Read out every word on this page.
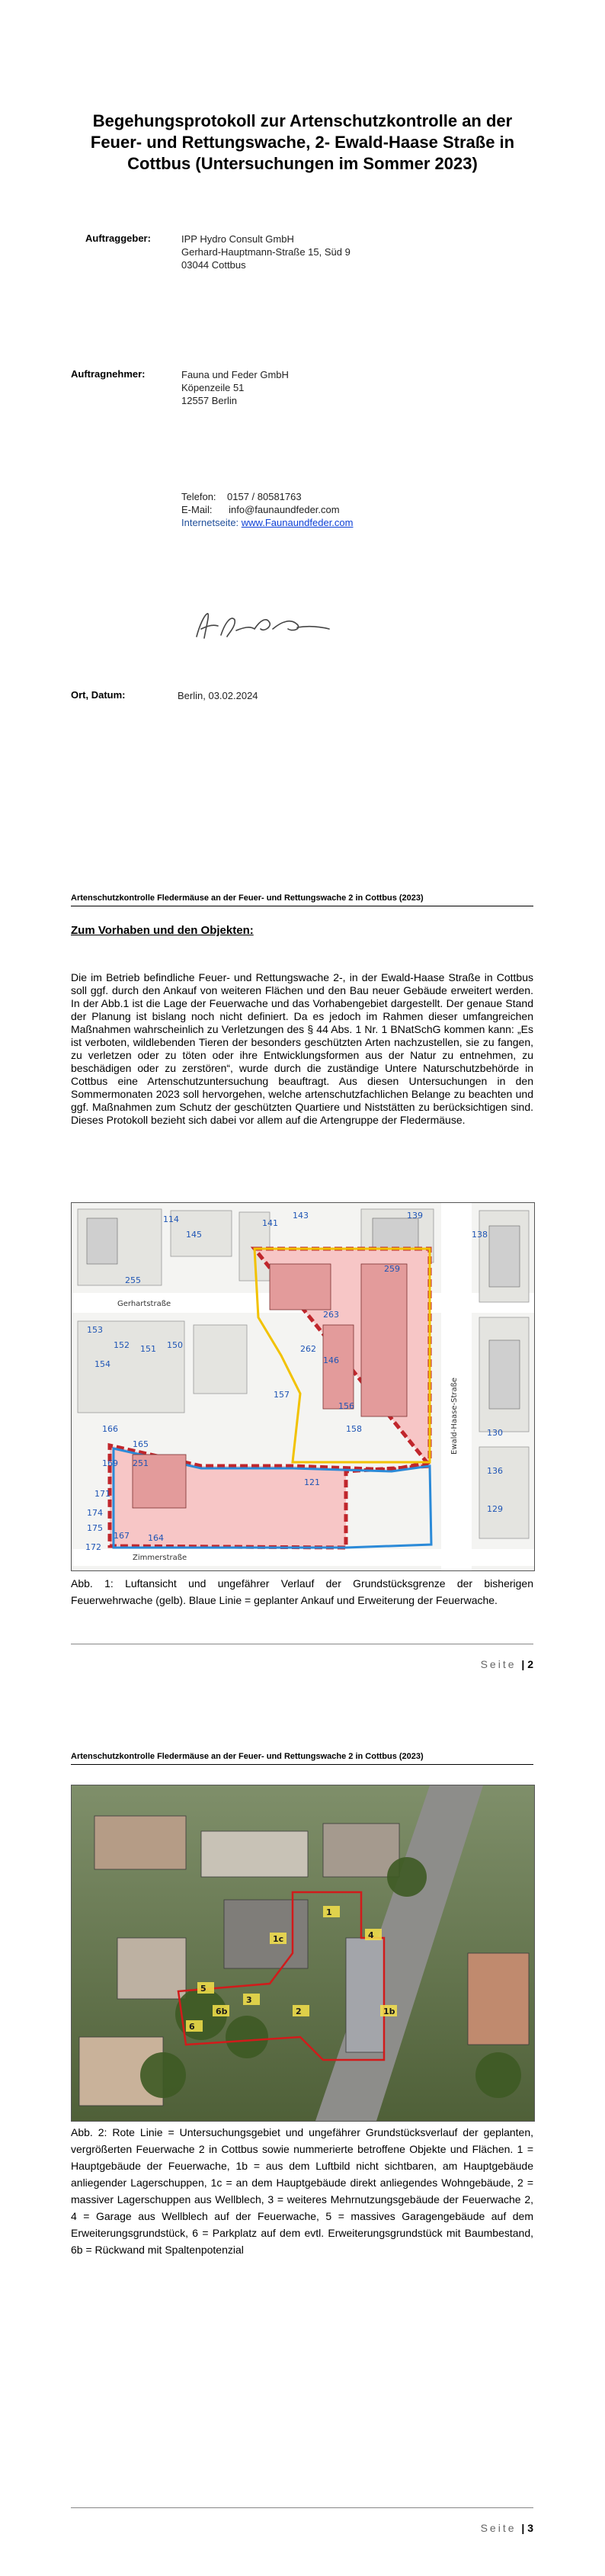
Begehungsprotokoll zur Artenschutzkontrolle an der Feuer- und Rettungswache, 2- Ewald-Haase Straße in Cottbus (Untersuchungen im Sommer 2023)
Auftraggeber:	IPP Hydro Consult GmbH
Gerhard-Hauptmann-Straße 15, Süd 9
03044 Cottbus
Auftragnehmer:	Fauna und Feder GmbH
Köpenzeile 51
12557 Berlin
Telefon: 0157 / 80581763
E-Mail: info@faunaundfeder.com
Internetseite: www.Faunaundfeder.com
Ort, Datum:	Berlin, 03.02.2024
Artenschutzkontrolle Fledermäuse an der Feuer- und Rettungswache 2 in Cottbus (2023)
Zum Vorhaben und den Objekten:
Die im Betrieb befindliche Feuer- und Rettungswache 2-, in der Ewald-Haase Straße in Cottbus soll ggf. durch den Ankauf von weiteren Flächen und den Bau neuer Gebäude erweitert werden. In der Abb.1 ist die Lage der Feuerwache und das Vorhabengebiet dargestellt. Der genaue Stand der Planung ist bislang noch nicht definiert. Da es jedoch im Rahmen dieser umfangreichen Maßnahmen wahrscheinlich zu Verletzungen des § 44 Abs. 1 Nr. 1 BNatSchG kommen kann: „Es ist verboten, wildlebenden Tieren der besonders geschützten Arten nachzustellen, sie zu fangen, zu verletzen oder zu töten oder ihre Entwicklungsformen aus der Natur zu entnehmen, zu beschädigen oder zu zerstören“, wurde durch die zuständige Untere Naturschutzbehörde in Cottbus eine Artenschutzuntersuchung beauftragt. Aus diesen Untersuchungen in den Sommermonaten 2023 soll hervorgehen, welche artenschutzfachlichen Belange zu beachten und ggf. Maßnahmen zum Schutz der geschützten Quartiere und Niststätten zu berücksichtigen sind. Dieses Protokoll bezieht sich dabei vor allem auf die Artengruppe der Fledermäuse.
Gerhartstraße
Zimmerstraße
Ewald-Haase-Straße
114	141
143	139
255
259
263
262
146
157
158
156
121
130
136
129
153
152 151 150
154
165
166
169
171
172
174
175
167 164
251
138
145
Abb. 1: Luftansicht und ungefährer Verlauf der Grundstücksgrenze der bisherigen Feuerwehrwache (gelb). Blaue Linie = geplanter Ankauf und Erweiterung der Feuerwache.
Seite | 2
Artenschutzkontrolle Fledermäuse an der Feuer- und Rettungswache 2 in Cottbus (2023)
1
1b
1c
2
3
4
5
6
6b
Abb. 2: Rote Linie = Untersuchungsgebiet und ungefährer Grundstücksverlauf der geplanten, vergrößerten Feuerwache 2 in Cottbus sowie nummerierte betroffene Objekte und Flächen. 1 = Hauptgebäude der Feuerwache, 1b = aus dem Luftbild nicht sichtbaren, am Hauptgebäude anliegender Lagerschuppen, 1c = an dem Hauptgebäude direkt anliegendes Wohngebäude, 2 = massiver Lagerschuppen aus Wellblech, 3 = weiteres Mehrnutzungsgebäude der Feuerwache 2, 4 = Garage aus Wellblech auf der Feuerwache, 5 = massives Garagengebäude auf dem Erweiterungsgrundstück, 6 = Parkplatz auf dem evtl. Erweiterungsgrundstück mit Baumbestand, 6b = Rückwand mit Spaltenpotenzial
Seite | 3
